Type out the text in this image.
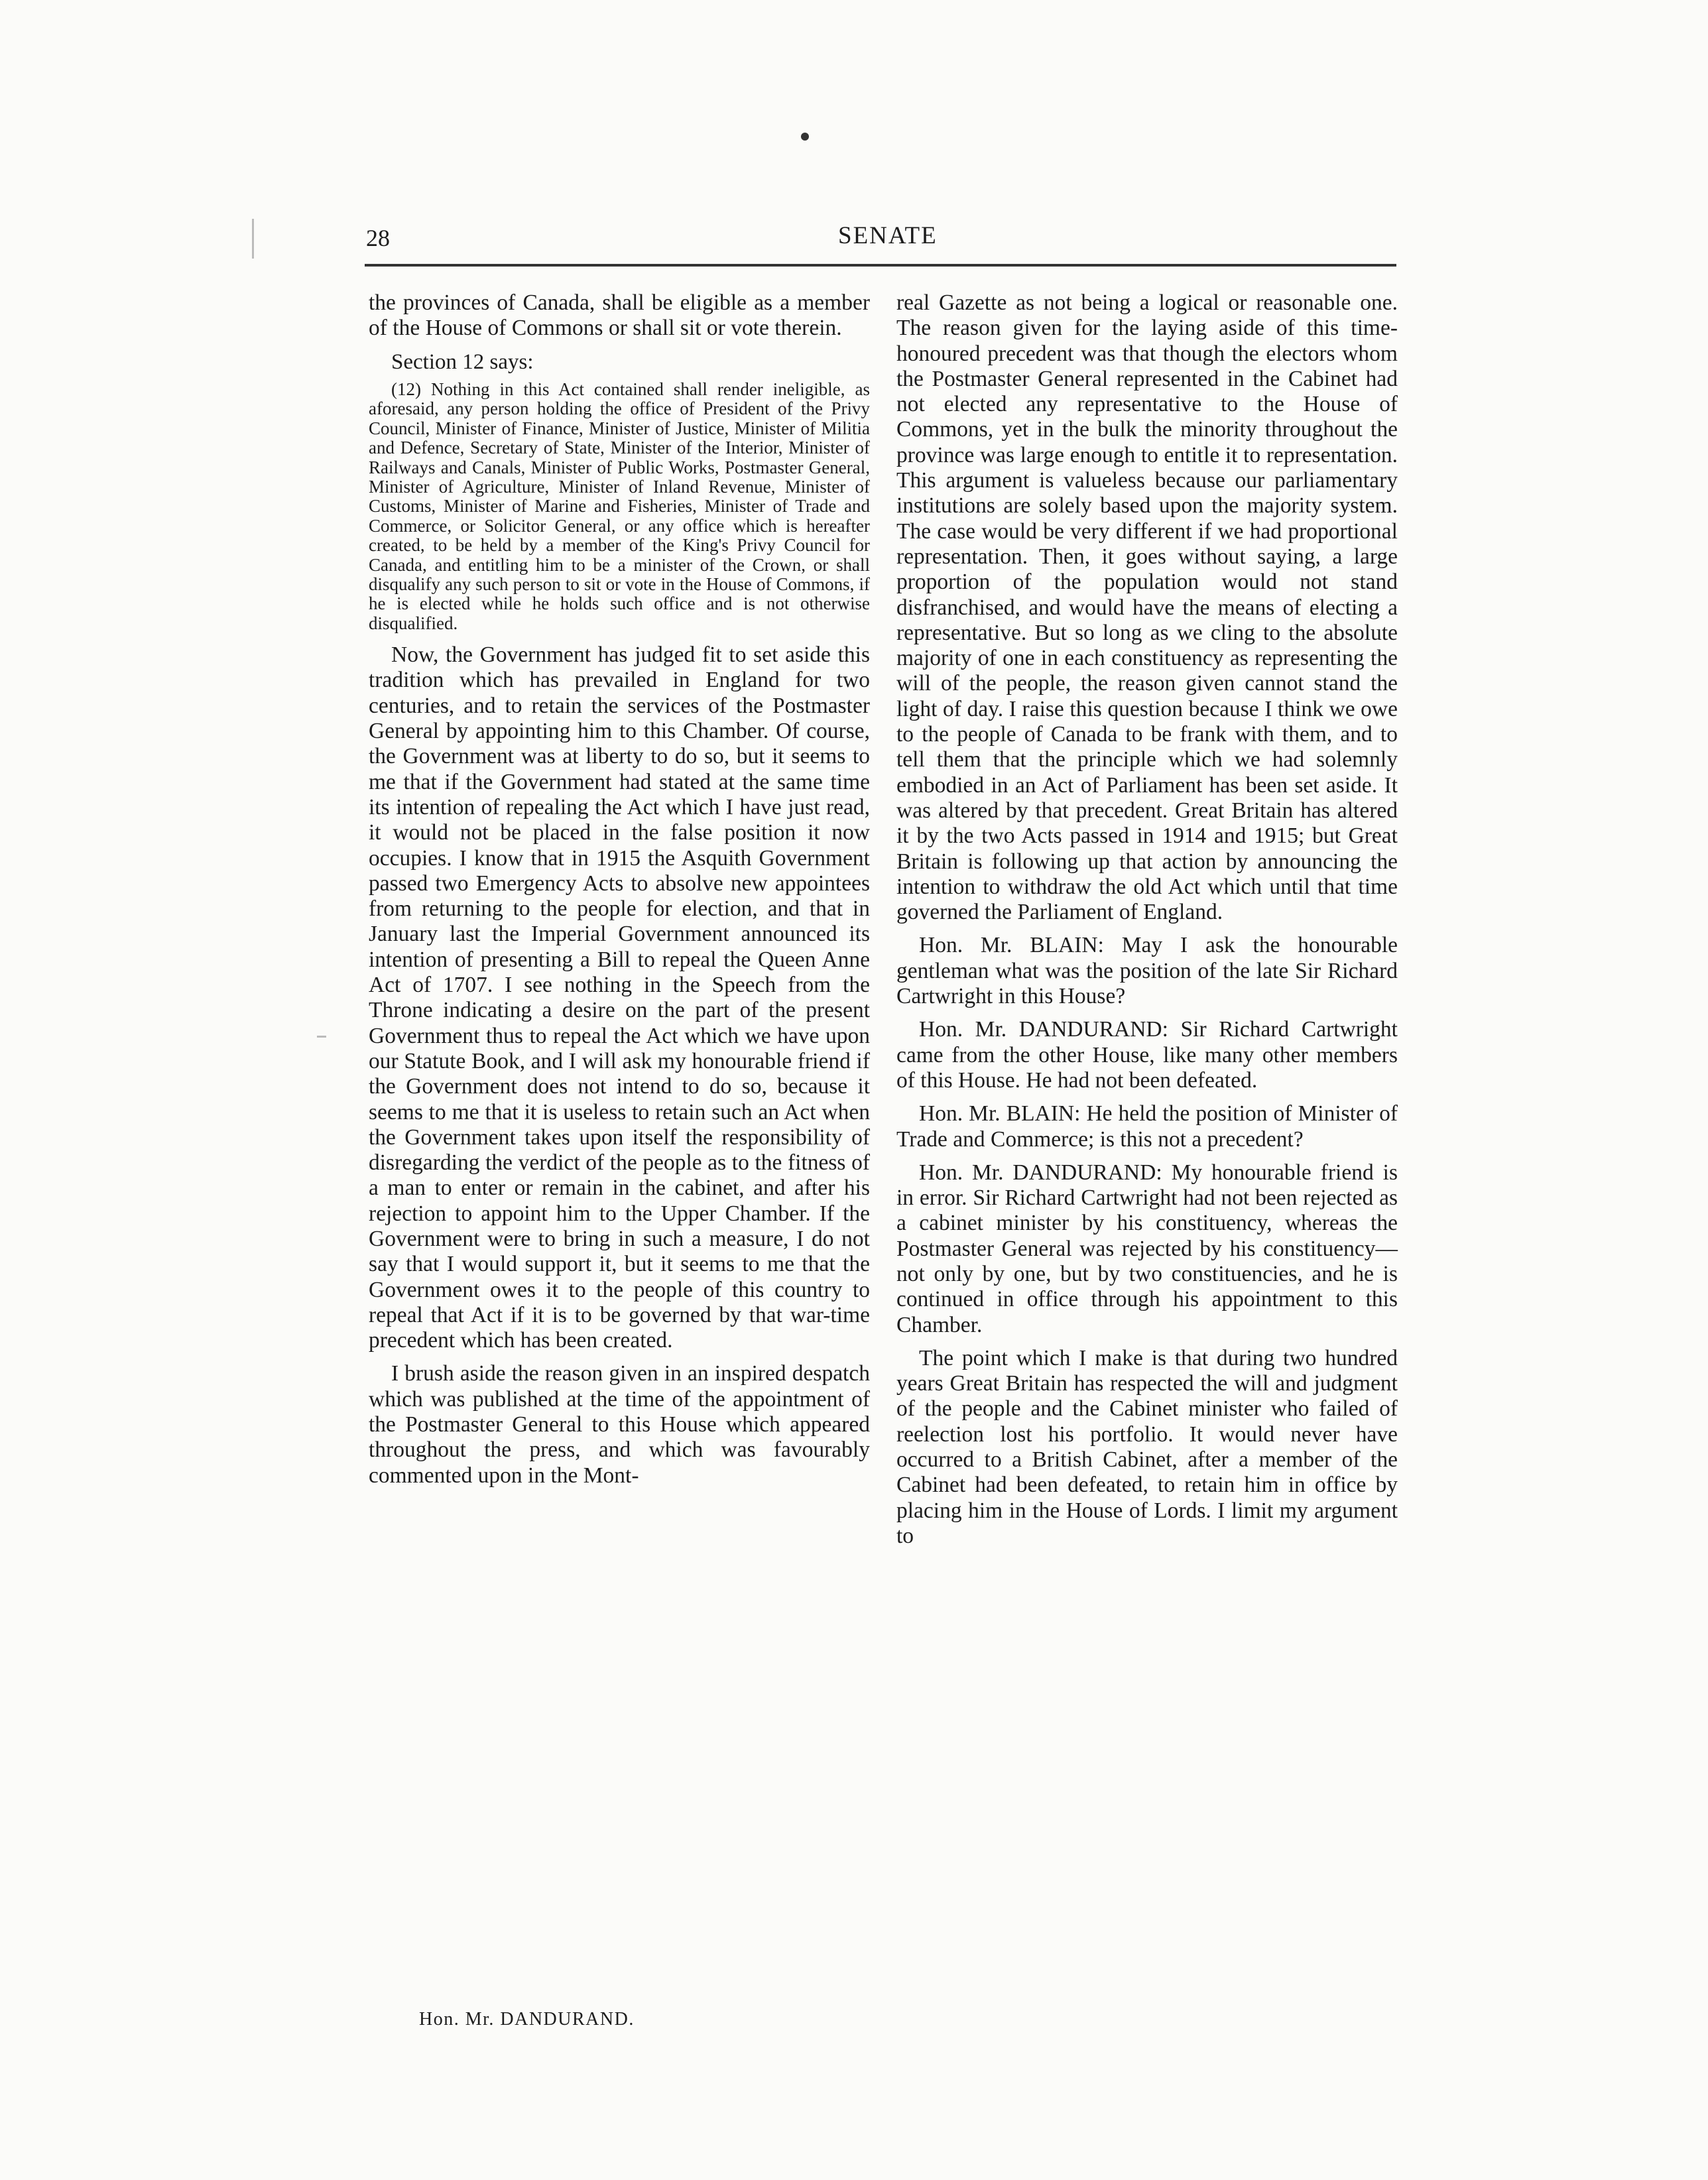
28	SENATE

the provinces of Canada, shall be eligible as a member of the House of Commons or shall sit or vote therein.

Section 12 says:

(12) Nothing in this Act contained shall render ineligible, as aforesaid, any person holding the office of President of the Privy Council, Minister of Finance, Minister of Justice, Minister of Militia and Defence, Secretary of State, Minister of the Interior, Minister of Railways and Canals, Minister of Public Works, Postmaster General, Minister of Agriculture, Minister of Inland Revenue, Minister of Customs, Minister of Marine and Fisheries, Minister of Trade and Commerce, or Solicitor General, or any office which is hereafter created, to be held by a member of the King's Privy Council for Canada, and entitling him to be a minister of the Crown, or shall disqualify any such person to sit or vote in the House of Commons, if he is elected while he holds such office and is not otherwise disqualified.

Now, the Government has judged fit to set aside this tradition which has prevailed in England for two centuries, and to retain the services of the Postmaster General by appointing him to this Chamber. Of course, the Government was at liberty to do so, but it seems to me that if the Government had stated at the same time its intention of repealing the Act which I have just read, it would not be placed in the false position it now occupies. I know that in 1915 the Asquith Government passed two Emergency Acts to absolve new appointees from returning to the people for election, and that in January last the Imperial Government announced its intention of presenting a Bill to repeal the Queen Anne Act of 1707. I see nothing in the Speech from the Throne indicating a desire on the part of the present Government thus to repeal the Act which we have upon our Statute Book, and I will ask my honourable friend if the Government does not intend to do so, because it seems to me that it is useless to retain such an Act when the Government takes upon itself the responsibility of disregarding the verdict of the people as to the fitness of a man to enter or remain in the cabinet, and after his rejection to appoint him to the Upper Chamber. If the Government were to bring in such a measure, I do not say that I would support it, but it seems to me that the Government owes it to the people of this country to repeal that Act if it is to be governed by that war-time precedent which has been created.

I brush aside the reason given in an inspired despatch which was published at the time of the appointment of the Postmaster General to this House which appeared throughout the press, and which was favourably commented upon in the Mont-

real Gazette as not being a logical or reasonable one. The reason given for the laying aside of this time-honoured precedent was that though the electors whom the Postmaster General represented in the Cabinet had not elected any representative to the House of Commons, yet in the bulk the minority throughout the province was large enough to entitle it to representation. This argument is valueless because our parliamentary institutions are solely based upon the majority system. The case would be very different if we had proportional representation. Then, it goes without saying, a large proportion of the population would not stand disfranchised, and would have the means of electing a representative. But so long as we cling to the absolute majority of one in each constituency as representing the will of the people, the reason given cannot stand the light of day. I raise this question because I think we owe to the people of Canada to be frank with them, and to tell them that the principle which we had solemnly embodied in an Act of Parliament has been set aside. It was altered by that precedent. Great Britain has altered it by the two Acts passed in 1914 and 1915; but Great Britain is following up that action by announcing the intention to withdraw the old Act which until that time governed the Parliament of England.

Hon. Mr. BLAIN: May I ask the honourable gentleman what was the position of the late Sir Richard Cartwright in this House?

Hon. Mr. DANDURAND: Sir Richard Cartwright came from the other House, like many other members of this House. He had not been defeated.

Hon. Mr. BLAIN: He held the position of Minister of Trade and Commerce; is this not a precedent?

Hon. Mr. DANDURAND: My honourable friend is in error. Sir Richard Cartwright had not been rejected as a cabinet minister by his constituency, whereas the Postmaster General was rejected by his constituency—not only by one, but by two constituencies, and he is continued in office through his appointment to this Chamber.

The point which I make is that during two hundred years Great Britain has respected the will and judgment of the people and the Cabinet minister who failed of reelection lost his portfolio. It would never have occurred to a British Cabinet, after a member of the Cabinet had been defeated, to retain him in office by placing him in the House of Lords. I limit my argument to

Hon. Mr. DANDURAND.
